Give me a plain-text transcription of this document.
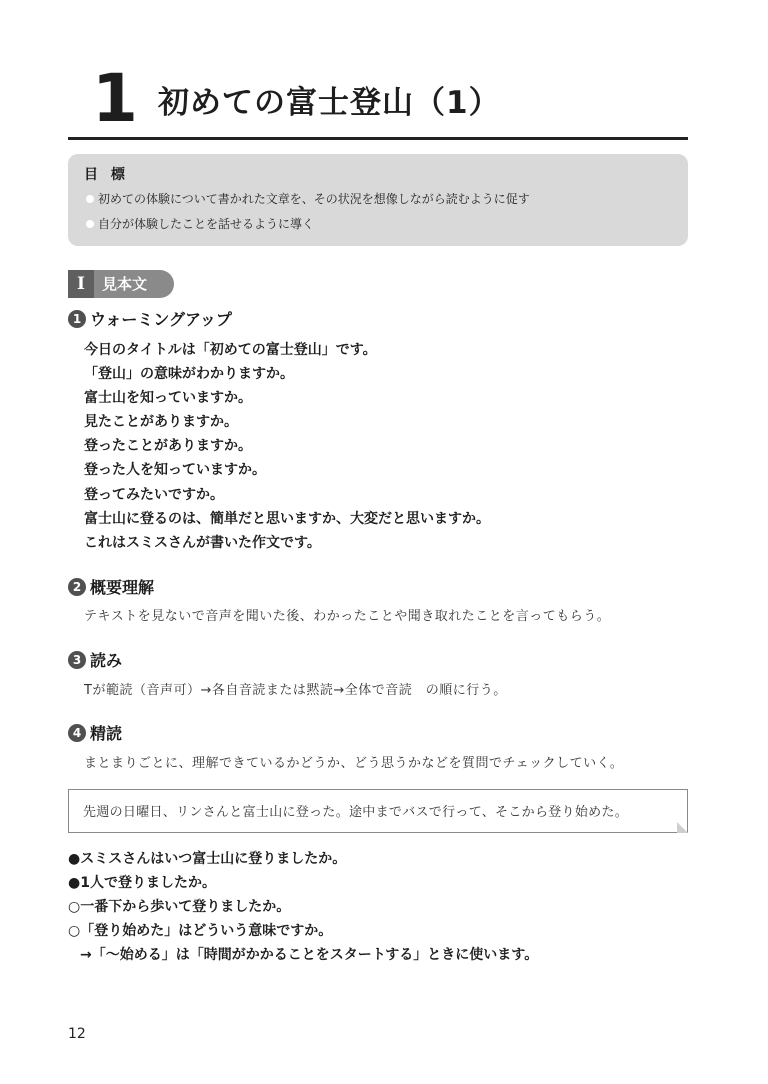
1 初めての富士登山（1）
目 標
初めての体験について書かれた文章を、その状況を想像しながら読むように促す
自分が体験したことを話せるように導く
I	見本文
1 ウォーミングアップ
今日のタイトルは「初めての富士登山」です。
「登山」の意味がわかりますか。
富士山を知っていますか。
見たことがありますか。
登ったことがありますか。
登った人を知っていますか。
登ってみたいですか。
富士山に登るのは、簡単だと思いますか、大変だと思いますか。
これはスミスさんが書いた作文です。
2 概要理解
テキストを見ないで音声を聞いた後、わかったことや聞き取れたことを言ってもらう。
3 読み
Tが範読（音声可）→各自音読または黙読→全体で音読　の順に行う。
4 精読
まとまりごとに、理解できているかどうか、どう思うかなどを質問でチェックしていく。
先週の日曜日、リンさんと富士山に登った。途中までバスで行って、そこから登り始めた。
●スミスさんはいつ富士山に登りましたか。
●1人で登りましたか。
○一番下から歩いて登りましたか。
○「登り始めた」はどういう意味ですか。
→「〜始める」は「時間がかかることをスタートする」ときに使います。
12
